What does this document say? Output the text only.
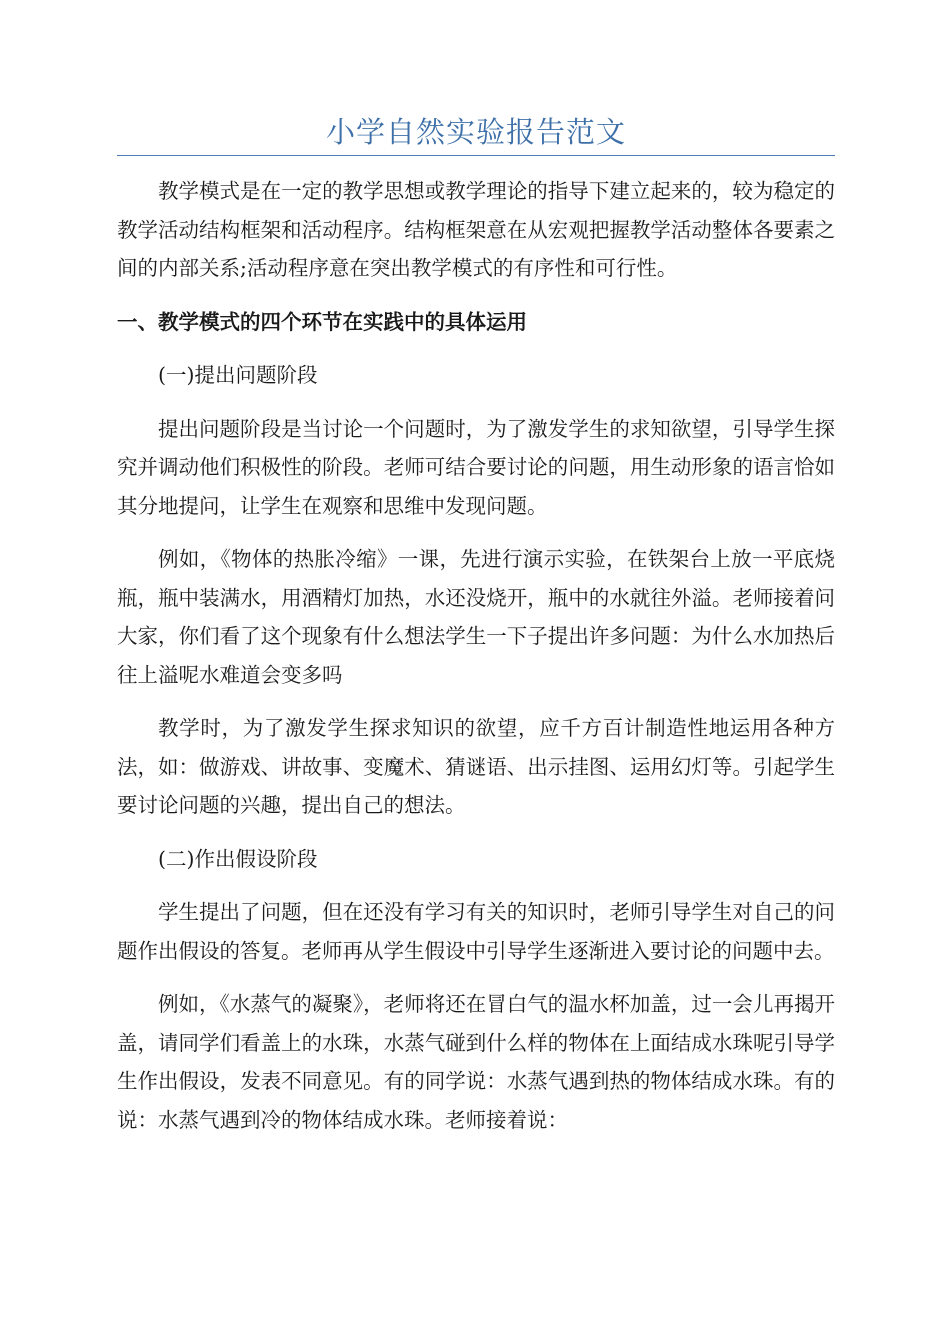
小学自然实验报告范文

教学模式是在一定的教学思想或教学理论的指导下建立起来的，较为稳定的教学活动结构框架和活动程序。结构框架意在从宏观把握教学活动整体各要素之间的内部关系;活动程序意在突出教学模式的有序性和可行性。

一、教学模式的四个环节在实践中的具体运用

(一)提出问题阶段

提出问题阶段是当讨论一个问题时，为了激发学生的求知欲望，引导学生探究并调动他们积极性的阶段。老师可结合要讨论的问题，用生动形象的语言恰如其分地提问，让学生在观察和思维中发现问题。

例如，《物体的热胀冷缩》一课，先进行演示实验，在铁架台上放一平底烧瓶，瓶中装满水，用酒精灯加热，水还没烧开，瓶中的水就往外溢。老师接着问大家，你们看了这个现象有什么想法学生一下子提出许多问题：为什么水加热后往上溢呢水难道会变多吗

教学时，为了激发学生探求知识的欲望，应千方百计制造性地运用各种方法，如：做游戏、讲故事、变魔术、猜谜语、出示挂图、运用幻灯等。引起学生要讨论问题的兴趣，提出自己的想法。

(二)作出假设阶段

学生提出了问题，但在还没有学习有关的知识时，老师引导学生对自己的问题作出假设的答复。老师再从学生假设中引导学生逐渐进入要讨论的问题中去。

例如，《水蒸气的凝聚》，老师将还在冒白气的温水杯加盖，过一会儿再揭开盖，请同学们看盖上的水珠，水蒸气碰到什么样的物体在上面结成水珠呢引导学生作出假设，发表不同意见。有的同学说：水蒸气遇到热的物体结成水珠。有的说：水蒸气遇到冷的物体结成水珠。老师接着说：
